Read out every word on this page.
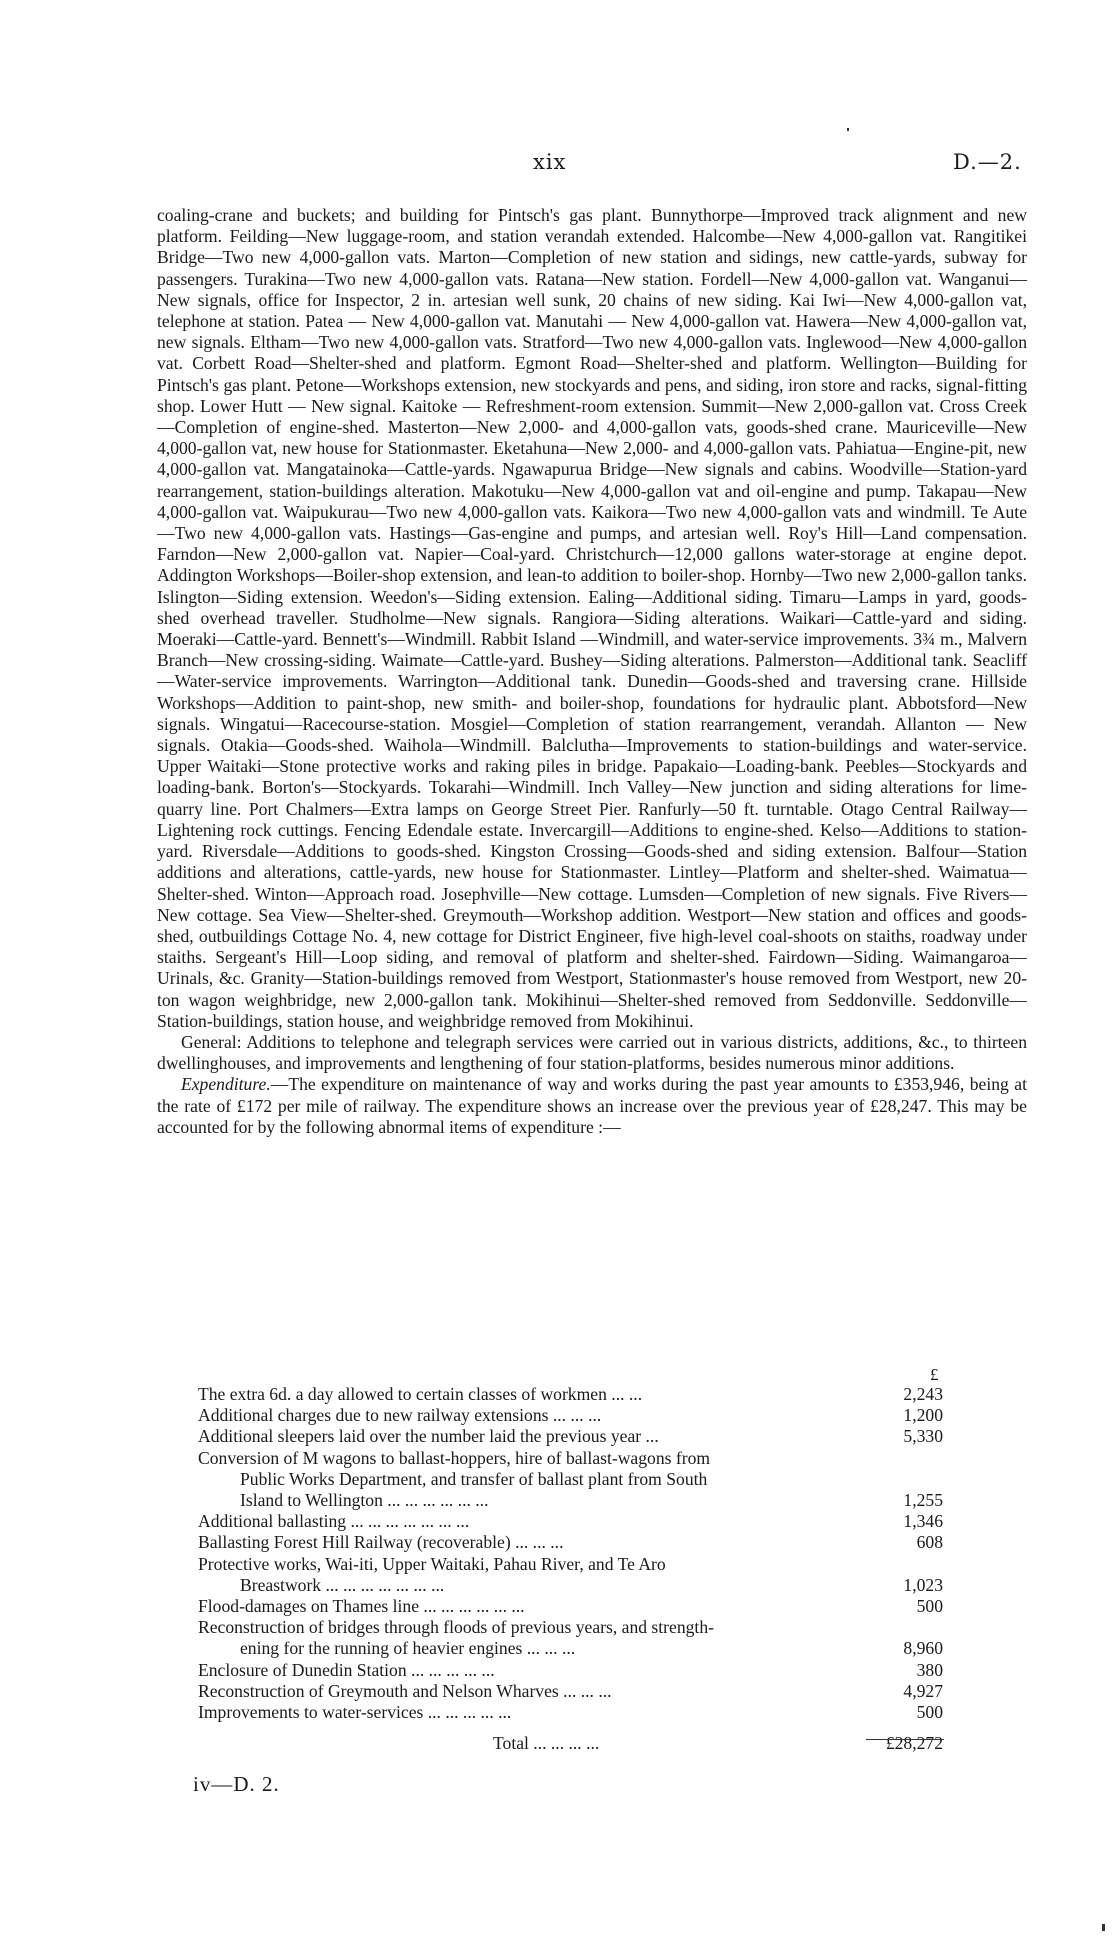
xix	D.—2.

coaling-crane and buckets; and building for Pintsch's gas plant. Bunnythorpe—Improved track alignment and new platform. Feilding—New luggage-room, and station verandah extended. Halcombe—New 4,000-gallon vat. Rangitikei Bridge—Two new 4,000-gallon vats. Marton—Completion of new station and sidings, new cattle-yards, subway for passengers. Turakina—Two new 4,000-gallon vats. Ratana—New station. Fordell—New 4,000-gallon vat. Wanganui—New signals, office for Inspector, 2 in. artesian well sunk, 20 chains of new siding. Kai Iwi—New 4,000-gallon vat, telephone at station. Patea — New 4,000-gallon vat. Manutahi — New 4,000-gallon vat. Hawera—New 4,000-gallon vat, new signals. Eltham—Two new 4,000-gallon vats. Stratford—Two new 4,000-gallon vats. Inglewood—New 4,000-gallon vat. Corbett Road—Shelter-shed and platform. Egmont Road—Shelter-shed and platform. Wellington—Building for Pintsch's gas plant. Petone—Workshops extension, new stockyards and pens, and siding, iron store and racks, signal-fitting shop. Lower Hutt — New signal. Kaitoke — Refreshment-room extension. Summit—New 2,000-gallon vat. Cross Creek—Completion of engine-shed. Masterton—New 2,000- and 4,000-gallon vats, goods-shed crane. Mauriceville—New 4,000-gallon vat, new house for Stationmaster. Eketahuna—New 2,000- and 4,000-gallon vats. Pahiatua—Engine-pit, new 4,000-gallon vat. Mangatainoka—Cattle-yards. Ngawapurua Bridge—New signals and cabins. Woodville—Station-yard rearrangement, station-buildings alteration. Makotuku—New 4,000-gallon vat and oil-engine and pump. Takapau—New 4,000-gallon vat. Waipukurau—Two new 4,000-gallon vats. Kaikora—Two new 4,000-gallon vats and windmill. Te Aute—Two new 4,000-gallon vats. Hastings—Gas-engine and pumps, and artesian well. Roy's Hill—Land compensation. Farndon—New 2,000-gallon vat. Napier—Coal-yard. Christchurch—12,000 gallons water-storage at engine depot. Addington Workshops—Boiler-shop extension, and lean-to addition to boiler-shop. Hornby—Two new 2,000-gallon tanks. Islington—Siding extension. Weedon's—Siding extension. Ealing—Additional siding. Timaru—Lamps in yard, goods-shed overhead traveller. Studholme—New signals. Rangiora—Siding alterations. Waikari—Cattle-yard and siding. Moeraki—Cattle-yard. Bennett's—Windmill. Rabbit Island —Windmill, and water-service improvements. 3¾ m., Malvern Branch—New crossing-siding. Waimate—Cattle-yard. Bushey—Siding alterations. Palmerston—Additional tank. Seacliff—Water-service improvements. Warrington—Additional tank. Dunedin—Goods-shed and traversing crane. Hillside Workshops—Addition to paint-shop, new smith- and boiler-shop, foundations for hydraulic plant. Abbotsford—New signals. Wingatui—Racecourse-station. Mosgiel—Completion of station rearrangement, verandah. Allanton — New signals. Otakia—Goods-shed. Waihola—Windmill. Balclutha—Improvements to station-buildings and water-service. Upper Waitaki—Stone protective works and raking piles in bridge. Papakaio—Loading-bank. Peebles—Stockyards and loading-bank. Borton's—Stockyards. Tokarahi—Windmill. Inch Valley—New junction and siding alterations for lime-quarry line. Port Chalmers—Extra lamps on George Street Pier. Ranfurly—50 ft. turntable. Otago Central Railway—Lightening rock cuttings. Fencing Edendale estate. Invercargill—Additions to engine-shed. Kelso—Additions to station-yard. Riversdale—Additions to goods-shed. Kingston Crossing—Goods-shed and siding extension. Balfour—Station additions and alterations, cattle-yards, new house for Stationmaster. Lintley—Platform and shelter-shed. Waimatua—Shelter-shed. Winton—Approach road. Josephville—New cottage. Lumsden—Completion of new signals. Five Rivers—New cottage. Sea View—Shelter-shed. Greymouth—Workshop addition. Westport—New station and offices and goods-shed, outbuildings Cottage No. 4, new cottage for District Engineer, five high-level coal-shoots on staiths, roadway under staiths. Sergeant's Hill—Loop siding, and removal of platform and shelter-shed. Fairdown—Siding. Waimangaroa—Urinals, &c. Granity—Station-buildings removed from Westport, Stationmaster's house removed from Westport, new 20-ton wagon weighbridge, new 2,000-gallon tank. Mokihinui—Shelter-shed removed from Seddonville. Seddonville—Station-buildings, station house, and weighbridge removed from Mokihinui.

General: Additions to telephone and telegraph services were carried out in various districts, additions, &c., to thirteen dwellinghouses, and improvements and lengthening of four station-platforms, besides numerous minor additions.

Expenditure.—The expenditure on maintenance of way and works during the past year amounts to £353,946, being at the rate of £172 per mile of railway. The expenditure shows an increase over the previous year of £28,247. This may be accounted for by the following abnormal items of expenditure :—

£
The extra 6d. a day allowed to certain classes of workmen ... ...	2,243
Additional charges due to new railway extensions ... ... ...	1,200
Additional sleepers laid over the number laid the previous year ...	5,330
Conversion of M wagons to ballast-hoppers, hire of ballast-wagons from
Public Works Department, and transfer of ballast plant from South
Island to Wellington ... ... ... ... ... ...	1,255
Additional ballasting ... ... ... ... ... ... ...	1,346
Ballasting Forest Hill Railway (recoverable) ... ... ...	608
Protective works, Wai-iti, Upper Waitaki, Pahau River, and Te Aro
Breastwork ... ... ... ... ... ... ...	1,023
Flood-damages on Thames line ... ... ... ... ... ...	500
Reconstruction of bridges through floods of previous years, and strength-
ening for the running of heavier engines ... ... ...	8,960
Enclosure of Dunedin Station ... ... ... ... ...	380
Reconstruction of Greymouth and Nelson Wharves ... ... ...	4,927
Improvements to water-services ... ... ... ... ...	500
Total ... ... ... ...	£28,272
iv—D. 2.
